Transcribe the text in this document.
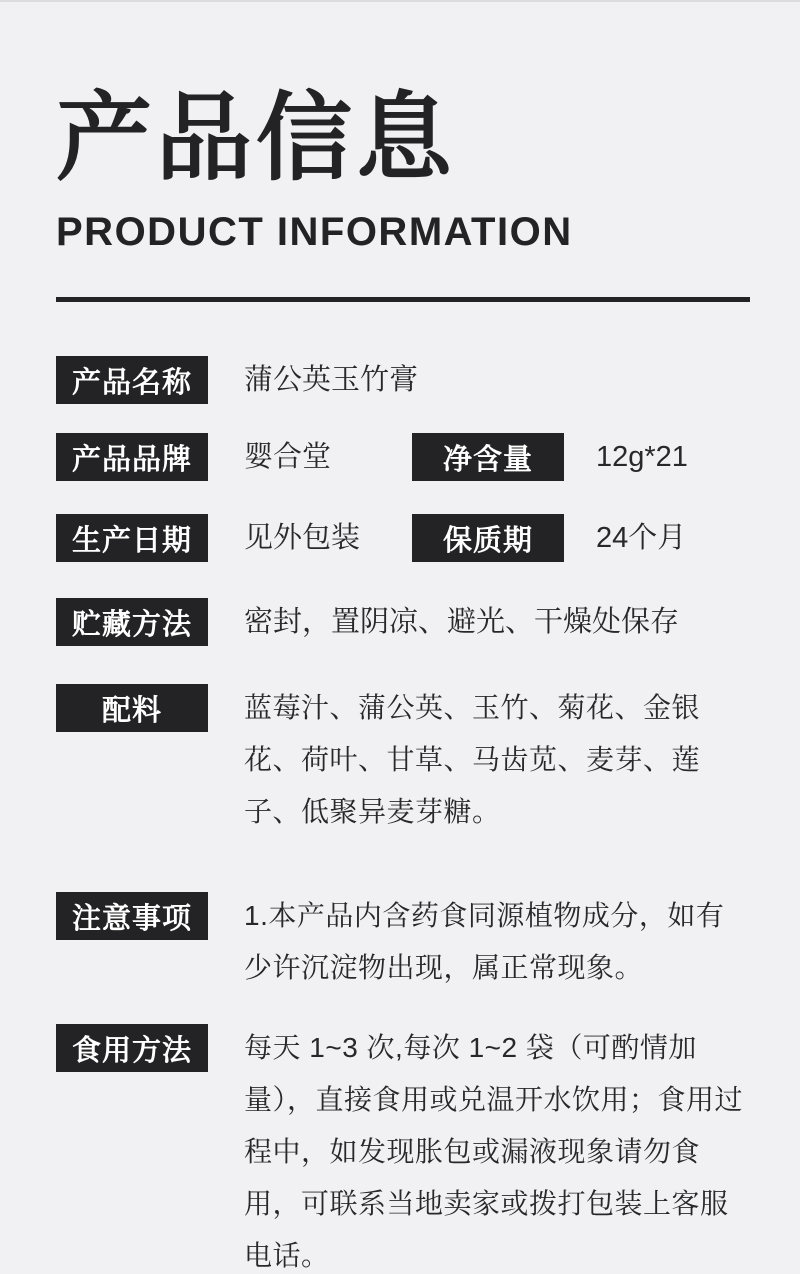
产品信息
PRODUCT INFORMATION
产品名称	蒲公英玉竹膏
产品品牌	婴合堂	净含量	12g*21
生产日期	见外包装	保质期	24个月
贮藏方法	密封，置阴凉、避光、干燥处保存
配料	蓝莓汁、蒲公英、玉竹、菊花、金银花、荷叶、甘草、马齿苋、麦芽、莲子、低聚异麦芽糖。
注意事项	1.本产品内含药食同源植物成分，如有少许沉淀物出现，属正常现象。
食用方法	每天 1~3 次,每次 1~2 袋（可酌情加量），直接食用或兑温开水饮用；食用过程中，如发现胀包或漏液现象请勿食用，可联系当地卖家或拨打包装上客服电话。
